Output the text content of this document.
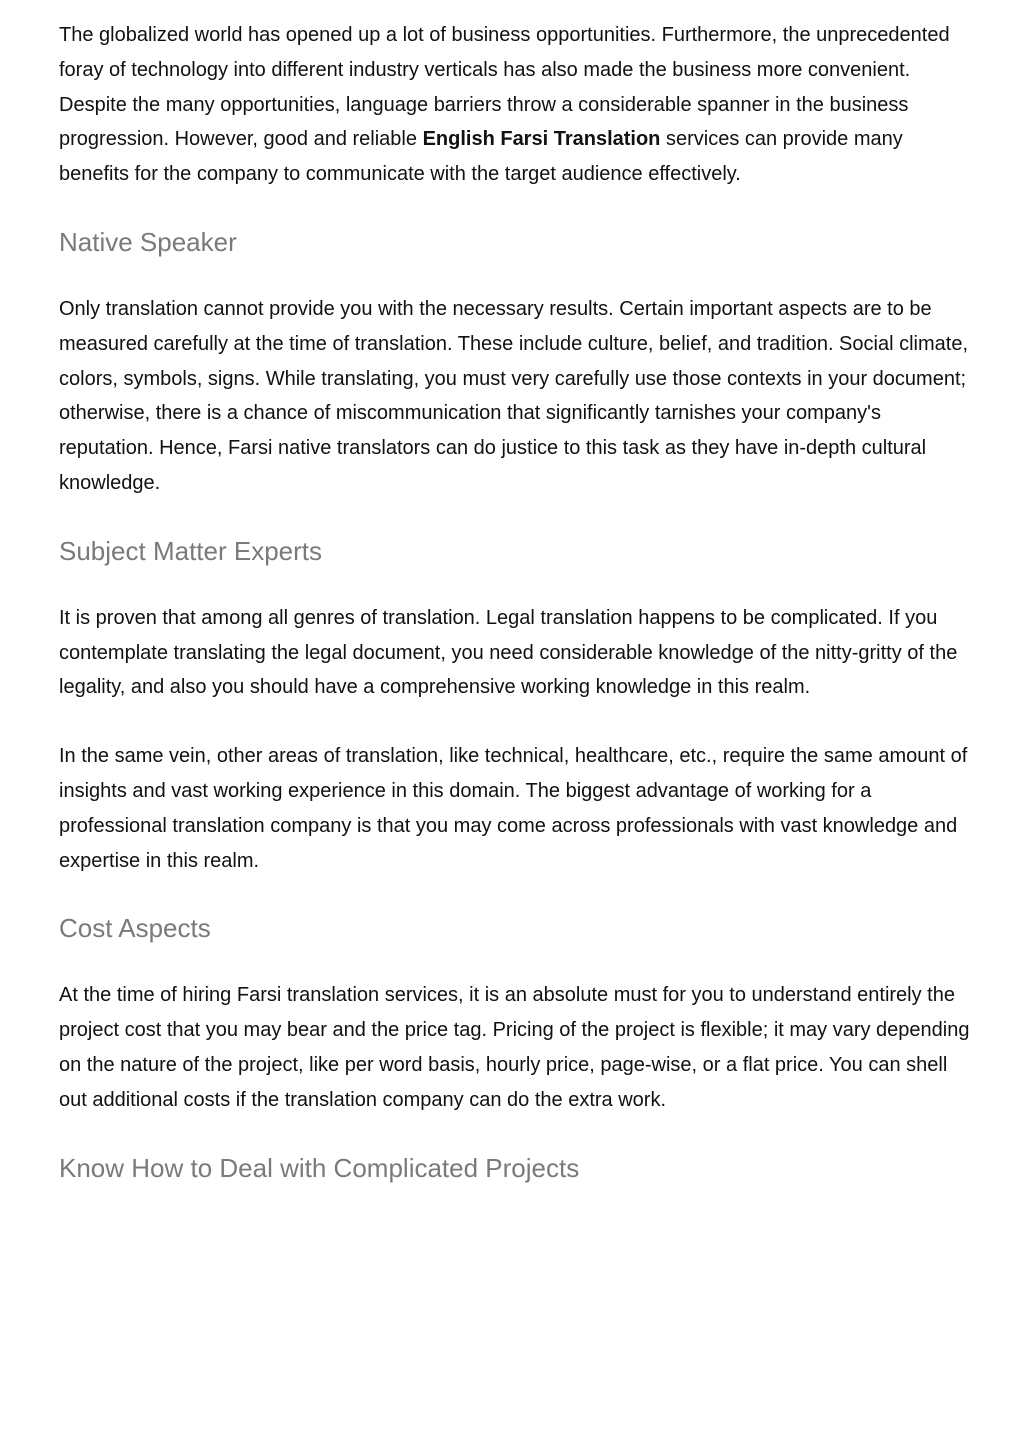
The globalized world has opened up a lot of business opportunities. Furthermore, the unprecedented foray of technology into different industry verticals has also made the business more convenient. Despite the many opportunities, language barriers throw a considerable spanner in the business progression. However, good and reliable English Farsi Translation services can provide many benefits for the company to communicate with the target audience effectively.

Native Speaker

Only translation cannot provide you with the necessary results. Certain important aspects are to be measured carefully at the time of translation. These include culture, belief, and tradition. Social climate, colors, symbols, signs. While translating, you must very carefully use those contexts in your document; otherwise, there is a chance of miscommunication that significantly tarnishes your company's reputation. Hence, Farsi native translators can do justice to this task as they have in-depth cultural knowledge.

Subject Matter Experts

It is proven that among all genres of translation. Legal translation happens to be complicated. If you contemplate translating the legal document, you need considerable knowledge of the nitty-gritty of the legality, and also you should have a comprehensive working knowledge in this realm.

In the same vein, other areas of translation, like technical, healthcare, etc., require the same amount of insights and vast working experience in this domain. The biggest advantage of working for a professional translation company is that you may come across professionals with vast knowledge and expertise in this realm.

Cost Aspects

At the time of hiring Farsi translation services, it is an absolute must for you to understand entirely the project cost that you may bear and the price tag. Pricing of the project is flexible; it may vary depending on the nature of the project, like per word basis, hourly price, page-wise, or a flat price. You can shell out additional costs if the translation company can do the extra work.

Know How to Deal with Complicated Projects
